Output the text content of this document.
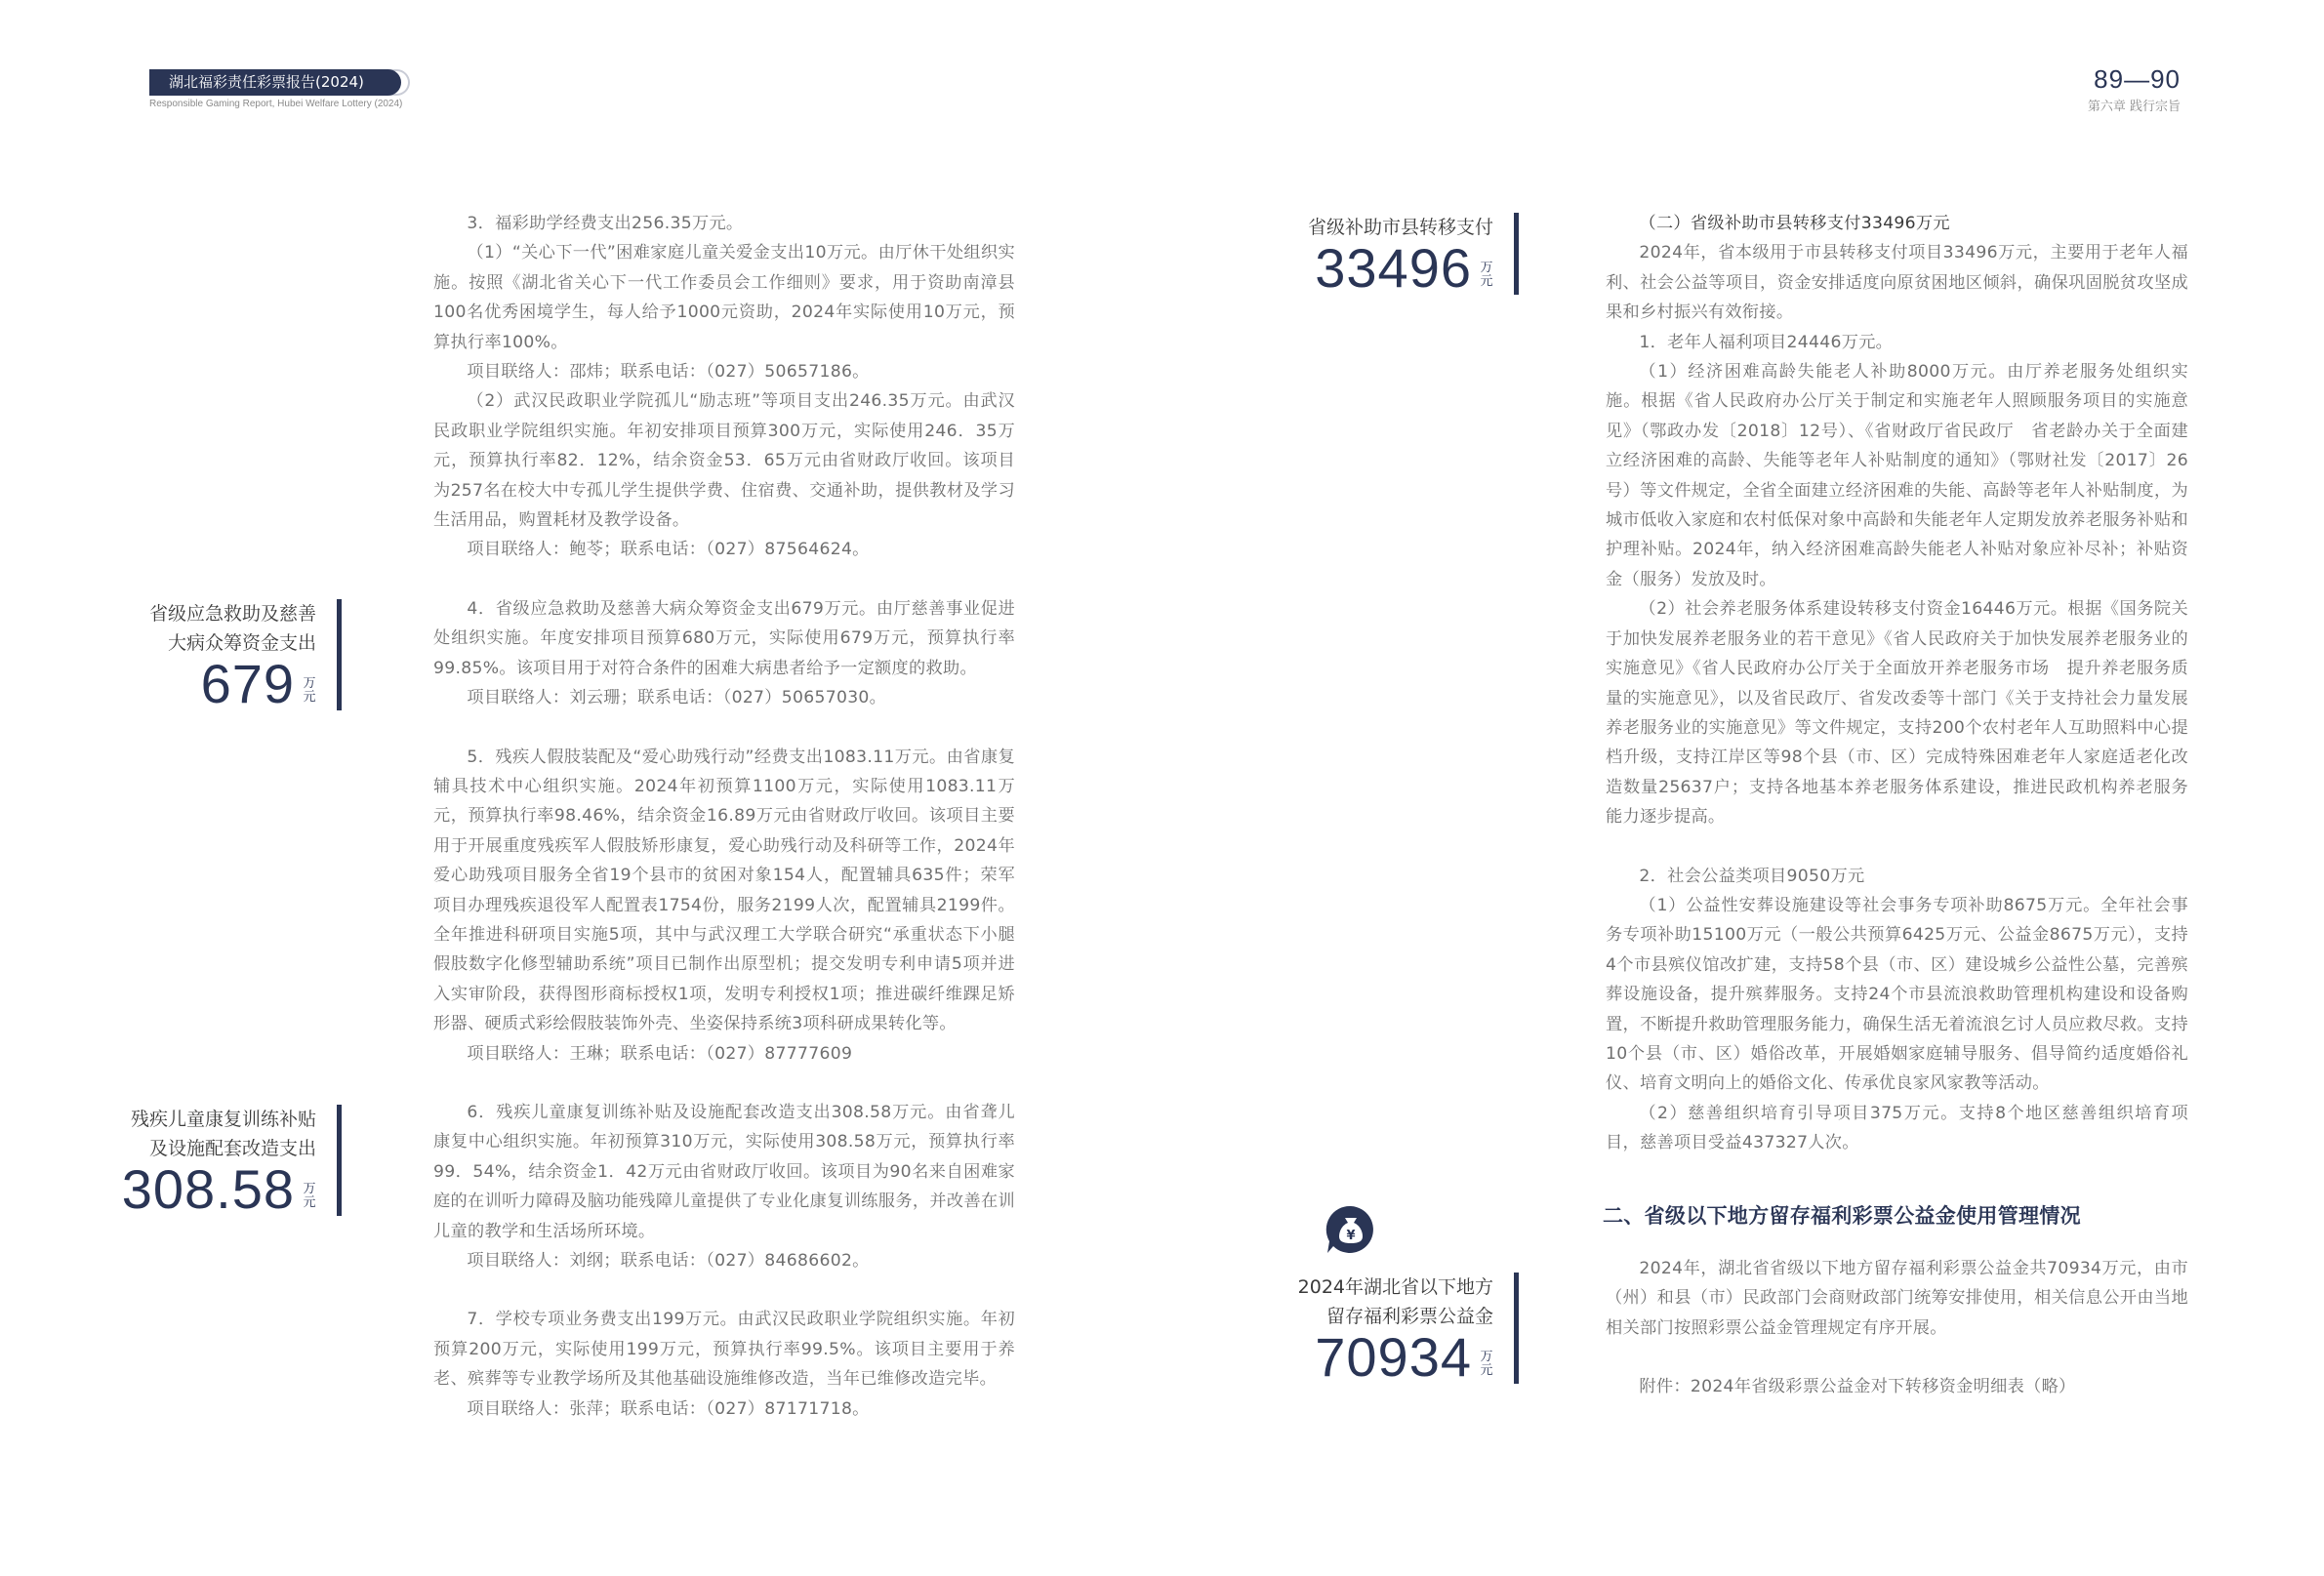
湖北福彩责任彩票报告(2024)
Responsible Gaming Report, Hubei Welfare Lottery (2024)
89—90
第六章 践行宗旨
省级应急救助及慈善
大病众筹资金支出
679 万元
残疾儿童康复训练补贴
及设施配套改造支出
308.58 万元
省级补助市县转移支付
33496 万元
¥
2024年湖北省以下地方
留存福利彩票公益金
70934 万元

3．福彩助学经费支出256.35万元。

（1）“关心下一代”困难家庭儿童关爱金支出10万元。由厅休干处组织实施。按照《湖北省关心下一代工作委员会工作细则》要求，用于资助南漳县100名优秀困境学生，每人给予1000元资助，2024年实际使用10万元，预算执行率100%。

项目联络人：邵炜；联系电话：（027）50657186。

（2）武汉民政职业学院孤儿“励志班”等项目支出246.35万元。由武汉民政职业学院组织实施。年初安排项目预算300万元，实际使用246．35万元，预算执行率82．12%，结余资金53．65万元由省财政厅收回。该项目为257名在校大中专孤儿学生提供学费、住宿费、交通补助，提供教材及学习生活用品，购置耗材及教学设备。

项目联络人：鲍苓；联系电话：（027）87564624。

4．省级应急救助及慈善大病众筹资金支出679万元。由厅慈善事业促进处组织实施。年度安排项目预算680万元，实际使用679万元，预算执行率99.85%。该项目用于对符合条件的困难大病患者给予一定额度的救助。

项目联络人：刘云珊；联系电话：（027）50657030。

5．残疾人假肢装配及“爱心助残行动”经费支出1083.11万元。由省康复辅具技术中心组织实施。2024年初预算1100万元，实际使用1083.11万元，预算执行率98.46%，结余资金16.89万元由省财政厅收回。该项目主要用于开展重度残疾军人假肢矫形康复，爱心助残行动及科研等工作，2024年爱心助残项目服务全省19个县市的贫困对象154人，配置辅具635件；荣军项目办理残疾退役军人配置表1754份，服务2199人次，配置辅具2199件。全年推进科研项目实施5项，其中与武汉理工大学联合研究“承重状态下小腿假肢数字化修型辅助系统”项目已制作出原型机；提交发明专利申请5项并进入实审阶段，获得图形商标授权1项，发明专利授权1项；推进碳纤维踝足矫形器、硬质式彩绘假肢装饰外壳、坐姿保持系统3项科研成果转化等。

项目联络人：王琳；联系电话：（027）87777609

6．残疾儿童康复训练补贴及设施配套改造支出308.58万元。由省聋儿康复中心组织实施。年初预算310万元，实际使用308.58万元，预算执行率99．54%，结余资金1．42万元由省财政厅收回。该项目为90名来自困难家庭的在训听力障碍及脑功能残障儿童提供了专业化康复训练服务，并改善在训儿童的教学和生活场所环境。

项目联络人：刘纲；联系电话：（027）84686602。

7．学校专项业务费支出199万元。由武汉民政职业学院组织实施。年初预算200万元，实际使用199万元，预算执行率99.5%。该项目主要用于养老、殡葬等专业教学场所及其他基础设施维修改造，当年已维修改造完毕。

项目联络人：张萍；联系电话：（027）87171718。

（二）省级补助市县转移支付33496万元

2024年，省本级用于市县转移支付项目33496万元，主要用于老年人福利、社会公益等项目，资金安排适度向原贫困地区倾斜，确保巩固脱贫攻坚成果和乡村振兴有效衔接。

1．老年人福利项目24446万元。

（1）经济困难高龄失能老人补助8000万元。由厅养老服务处组织实施。根据《省人民政府办公厅关于制定和实施老年人照顾服务项目的实施意见》（鄂政办发〔2018〕12号）、《省财政厅省民政厅　省老龄办关于全面建立经济困难的高龄、失能等老年人补贴制度的通知》（鄂财社发〔2017〕26号）等文件规定，全省全面建立经济困难的失能、高龄等老年人补贴制度，为城市低收入家庭和农村低保对象中高龄和失能老年人定期发放养老服务补贴和护理补贴。2024年，纳入经济困难高龄失能老人补贴对象应补尽补；补贴资金（服务）发放及时。

（2）社会养老服务体系建设转移支付资金16446万元。根据《国务院关于加快发展养老服务业的若干意见》《省人民政府关于加快发展养老服务业的实施意见》《省人民政府办公厅关于全面放开养老服务市场　提升养老服务质量的实施意见》，以及省民政厅、省发改委等十部门《关于支持社会力量发展养老服务业的实施意见》等文件规定，支持200个农村老年人互助照料中心提档升级，支持江岸区等98个县（市、区）完成特殊困难老年人家庭适老化改造数量25637户；支持各地基本养老服务体系建设，推进民政机构养老服务能力逐步提高。

2．社会公益类项目9050万元

（1）公益性安葬设施建设等社会事务专项补助8675万元。全年社会事务专项补助15100万元（一般公共预算6425万元、公益金8675万元），支持4个市县殡仪馆改扩建，支持58个县（市、区）建设城乡公益性公墓，完善殡葬设施设备，提升殡葬服务。支持24个市县流浪救助管理机构建设和设备购置，不断提升救助管理服务能力，确保生活无着流浪乞讨人员应救尽救。支持10个县（市、区）婚俗改革，开展婚姻家庭辅导服务、倡导简约适度婚俗礼仪、培育文明向上的婚俗文化、传承优良家风家教等活动。

（2）慈善组织培育引导项目375万元。支持8个地区慈善组织培育项目，慈善项目受益437327人次。

二、省级以下地方留存福利彩票公益金使用管理情况

2024年，湖北省省级以下地方留存福利彩票公益金共70934万元，由市（州）和县（市）民政部门会商财政部门统筹安排使用，相关信息公开由当地相关部门按照彩票公益金管理规定有序开展。

附件：2024年省级彩票公益金对下转移资金明细表（略）
